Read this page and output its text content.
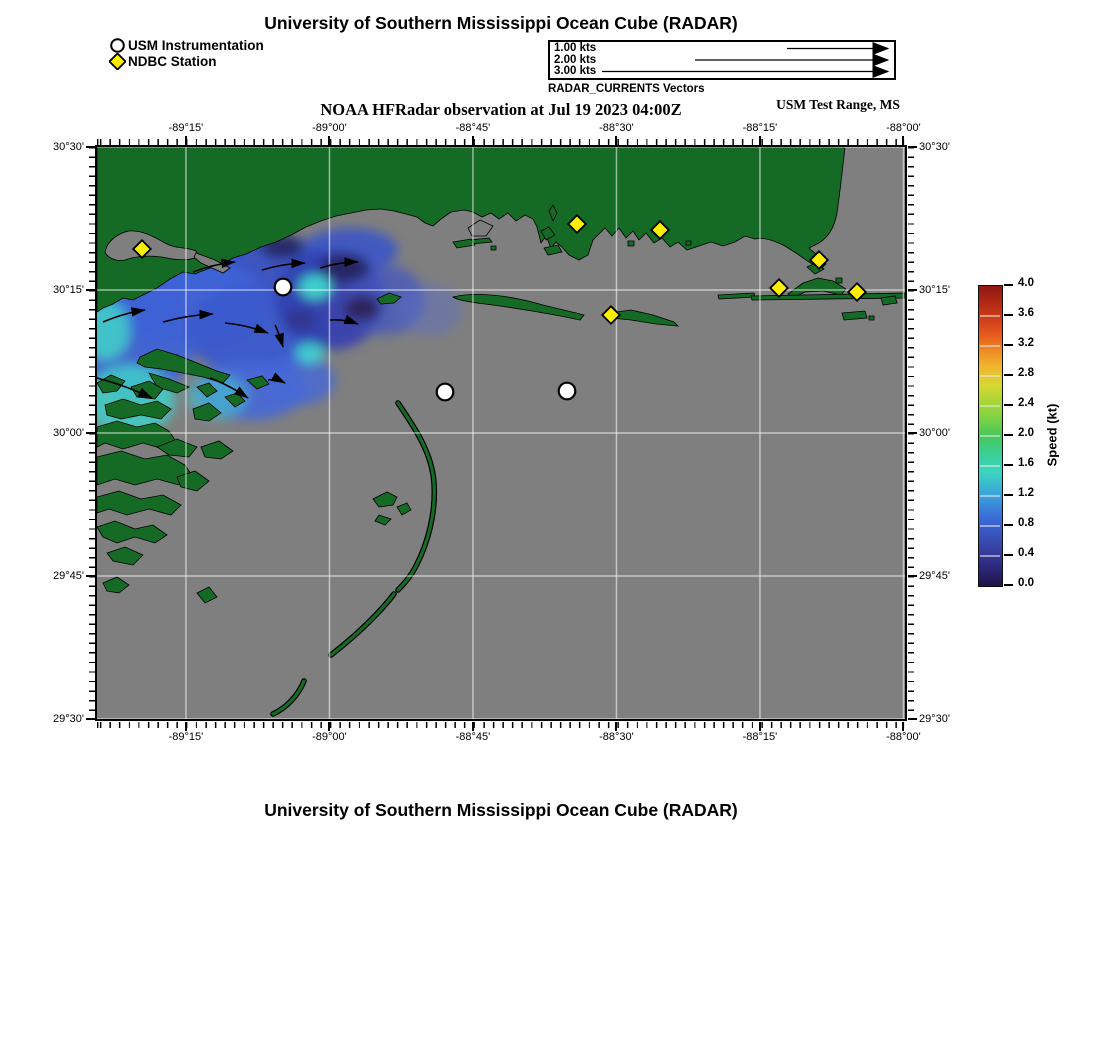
University of Southern Mississippi Ocean Cube (RADAR)
USM Instrumentation
NDBC Station
1.00 kts
2.00 kts
3.00 kts
RADAR_CURRENTS Vectors
NOAA HFRadar observation at Jul 19 2023 04:00Z	USM Test Range, MS
Speed (kt)
University of Southern Mississippi Ocean Cube (RADAR)
-89°15'
-89°15'
-89°00'
-89°00'
-88°45'
-88°45'
-88°30'
-88°30'
-88°15'
-88°15'
-88°00'
-88°00'
30°30'	30°30'
30°15'	30°15'
30°00'	30°00'
29°45'	29°45'
29°30'	29°30'
4.0
3.6
3.2
2.8
2.4
2.0
1.6
1.2
0.8
0.4
0.0
